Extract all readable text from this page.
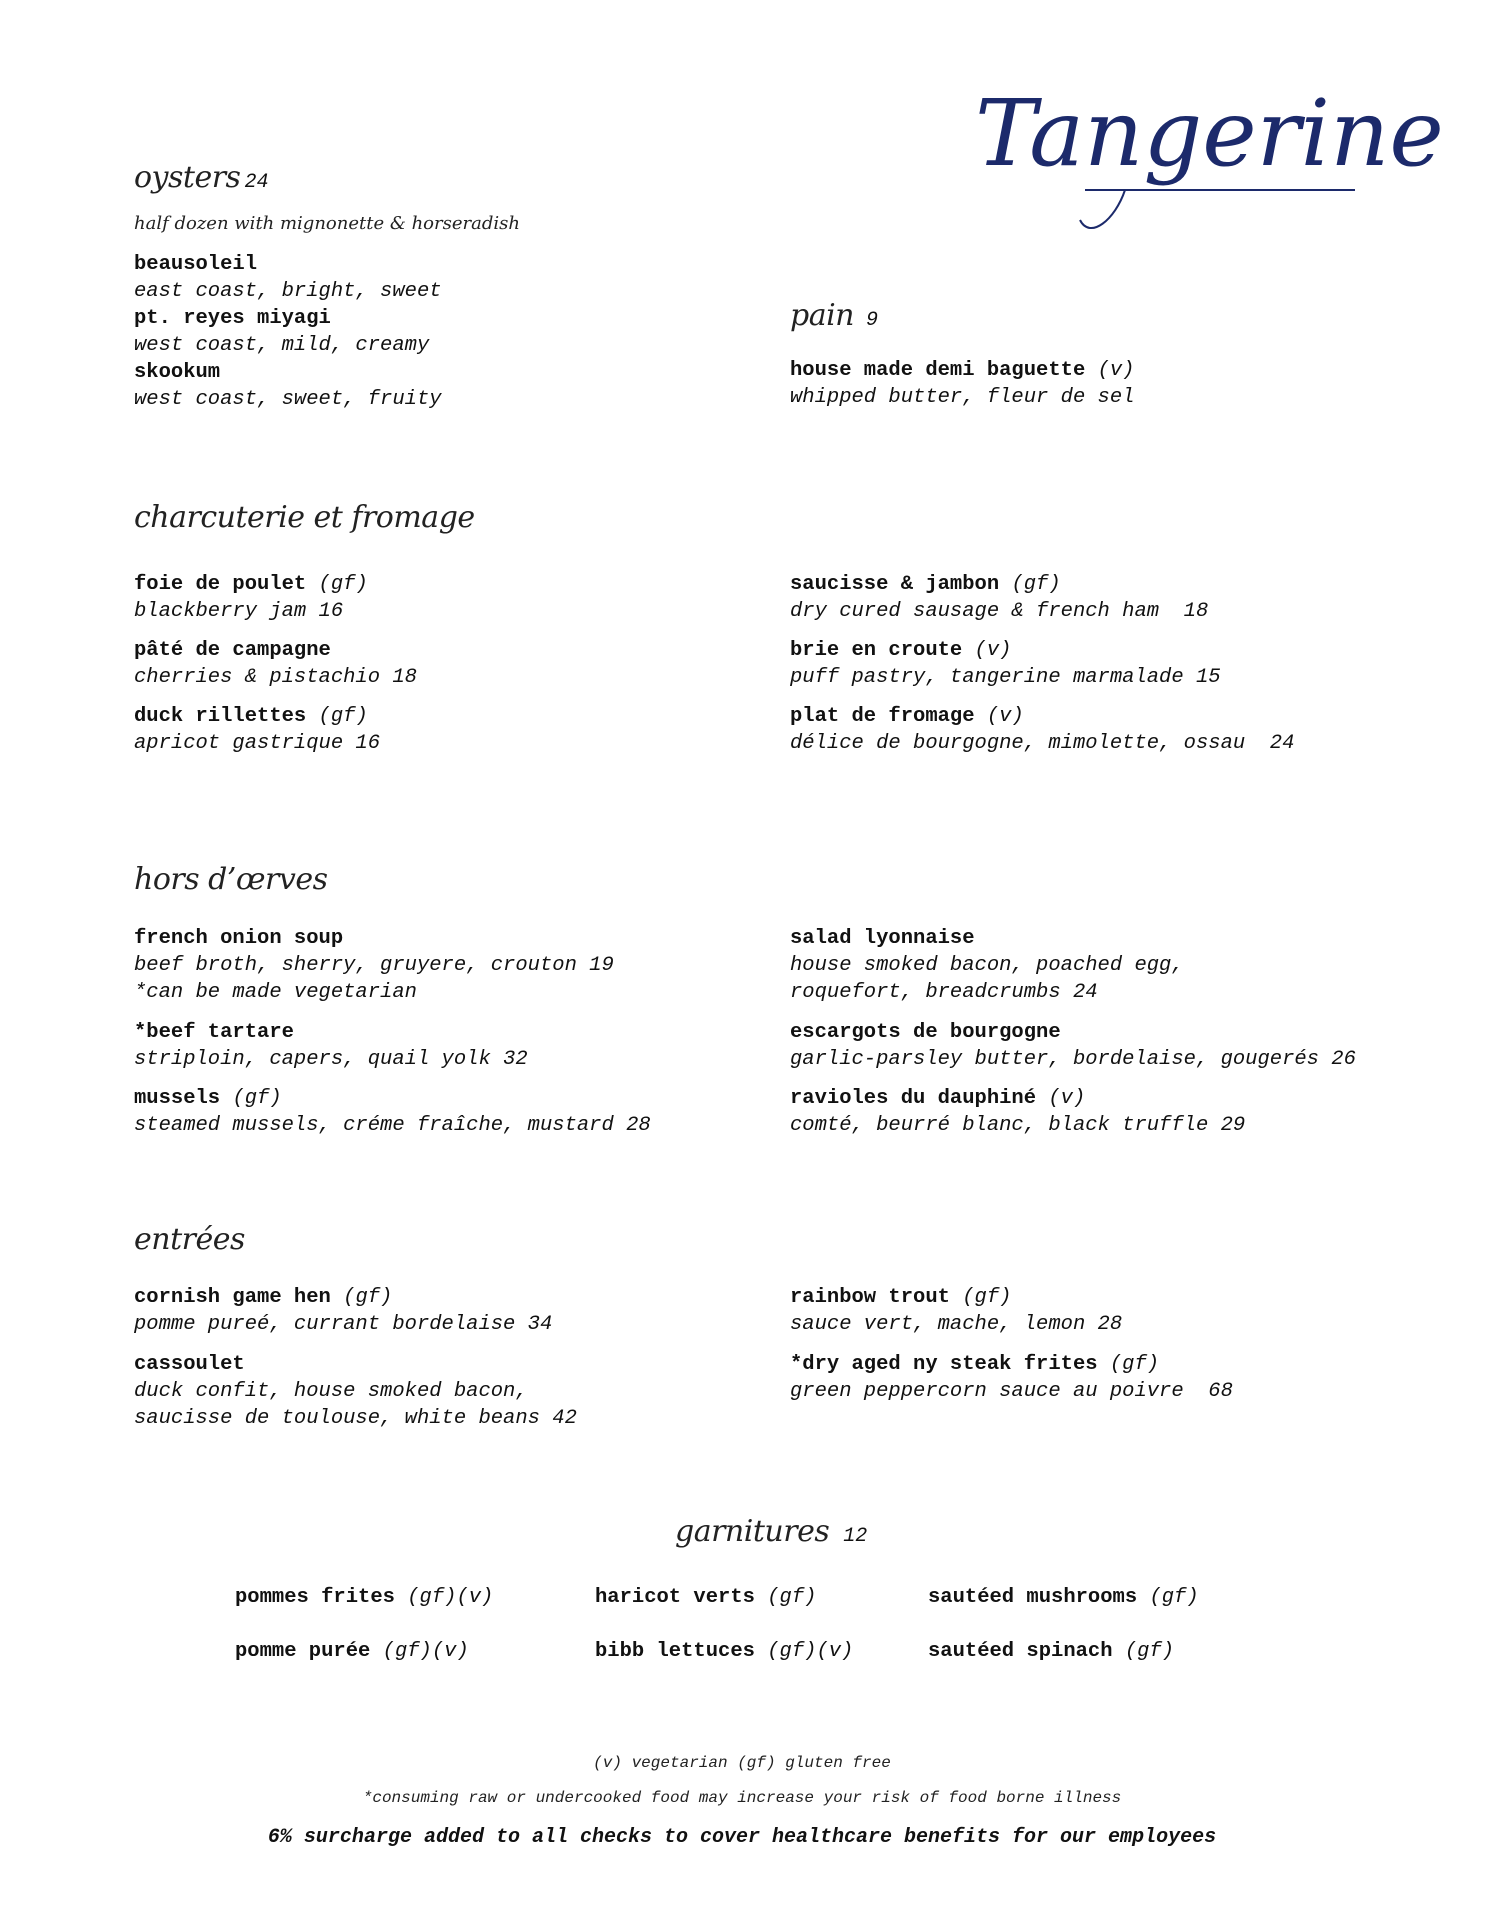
Tangerine
oysters 24
half dozen with mignonette & horseradish
beausoleil
east coast, bright, sweet
pt. reyes miyagi
west coast, mild, creamy
skookum
west coast, sweet, fruity
pain 9
house made demi baguette (v)
whipped butter, fleur de sel
charcuterie et fromage
foie de poulet (gf)
blackberry jam 16
pâté de campagne
cherries & pistachio 18
duck rillettes (gf)
apricot gastrique 16
saucisse & jambon (gf)
dry cured sausage & french ham  18
brie en croute (v)
puff pastry, tangerine marmalade 15
plat de fromage (v)
délice de bourgogne, mimolette, ossau  24
hors d’œrves
french onion soup
beef broth, sherry, gruyere, crouton 19
*can be made vegetarian
*beef tartare
striploin, capers, quail yolk 32
mussels (gf)
steamed mussels, créme fraîche, mustard 28
salad lyonnaise
house smoked bacon, poached egg,
roquefort, breadcrumbs 24
escargots de bourgogne
garlic-parsley butter, bordelaise, gougerés 26
ravioles du dauphiné (v)
comté, beurré blanc, black truffle 29
entrées
cornish game hen (gf)
pomme pureé, currant bordelaise 34
cassoulet
duck confit, house smoked bacon,
saucisse de toulouse, white beans 42
rainbow trout (gf)
sauce vert, mache, lemon 28
*dry aged ny steak frites (gf)
green peppercorn sauce au poivre  68
garnitures 12
pommes frites (gf)(v)	haricot verts (gf)	sautéed mushrooms (gf)
pomme purée (gf)(v)	bibb lettuces (gf)(v)	sautéed spinach (gf)
(v) vegetarian (gf) gluten free
*consuming raw or undercooked food may increase your risk of food borne illness
6% surcharge added to all checks to cover healthcare benefits for our employees
